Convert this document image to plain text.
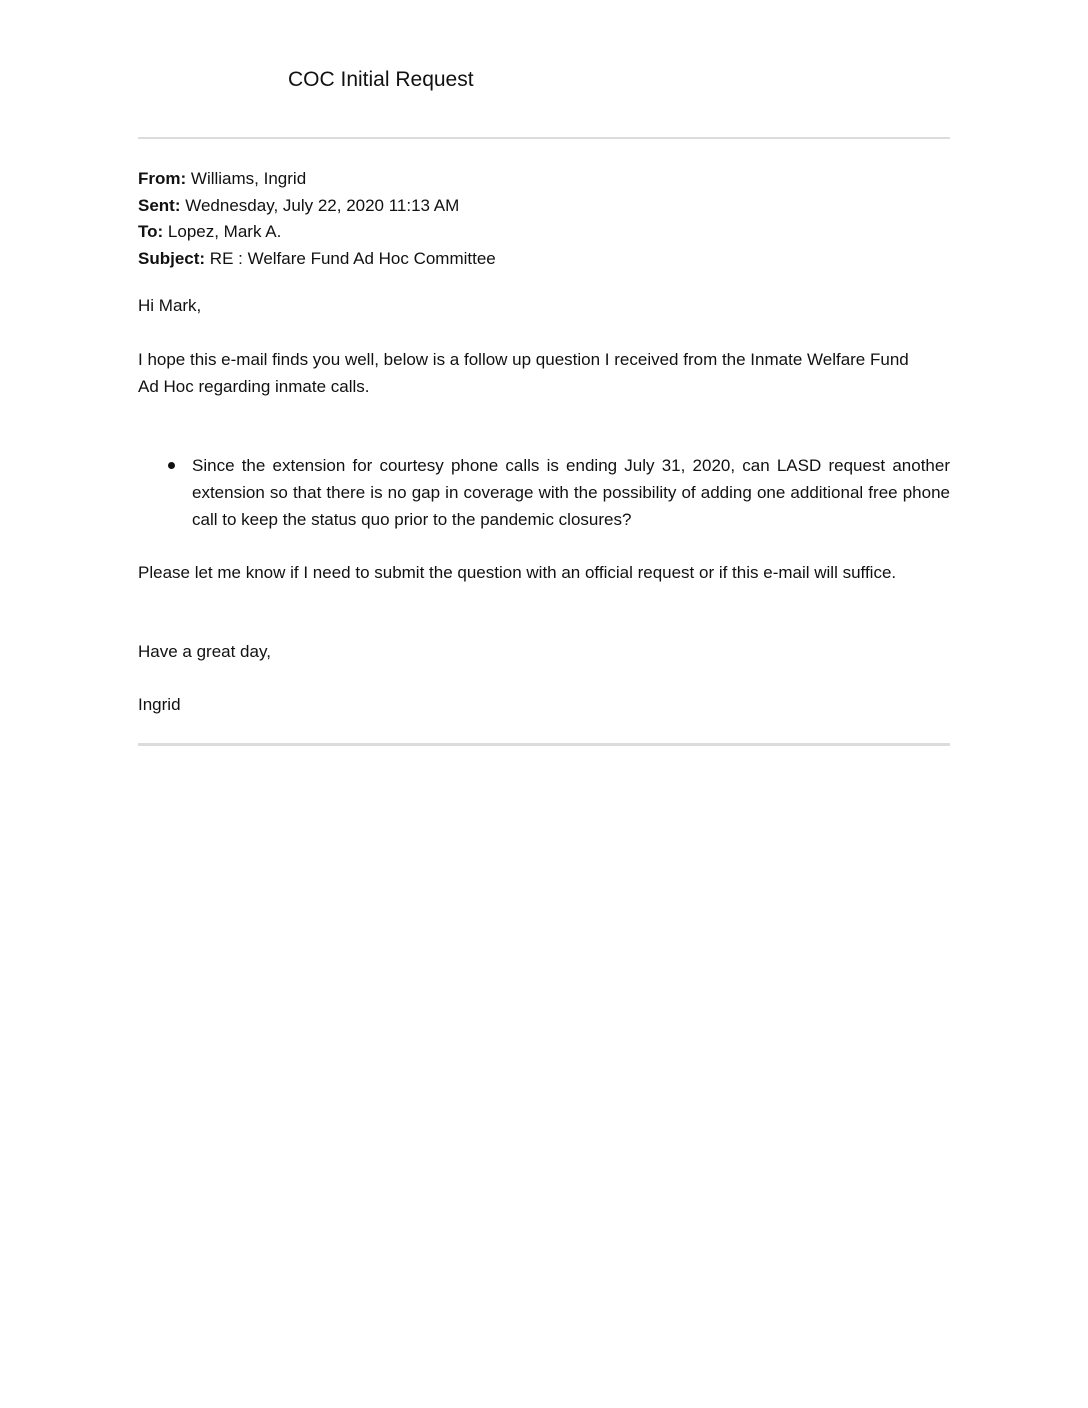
COC Initial Request
From: Williams, Ingrid
Sent: Wednesday, July 22, 2020 11:13 AM
To: Lopez, Mark A.
Subject: RE : Welfare Fund Ad Hoc Committee
Hi Mark,
I hope this e-mail finds you well, below is a follow up question I received from the Inmate Welfare Fund Ad Hoc regarding inmate calls.
Since the extension for courtesy phone calls is ending July 31, 2020, can LASD request another extension so that there is no gap in coverage with the possibility of adding one additional free phone call to keep the status quo prior to the pandemic closures?
Please let me know if I need to submit the question with an official request or if this e-mail will suffice.
Have a great day,
Ingrid
